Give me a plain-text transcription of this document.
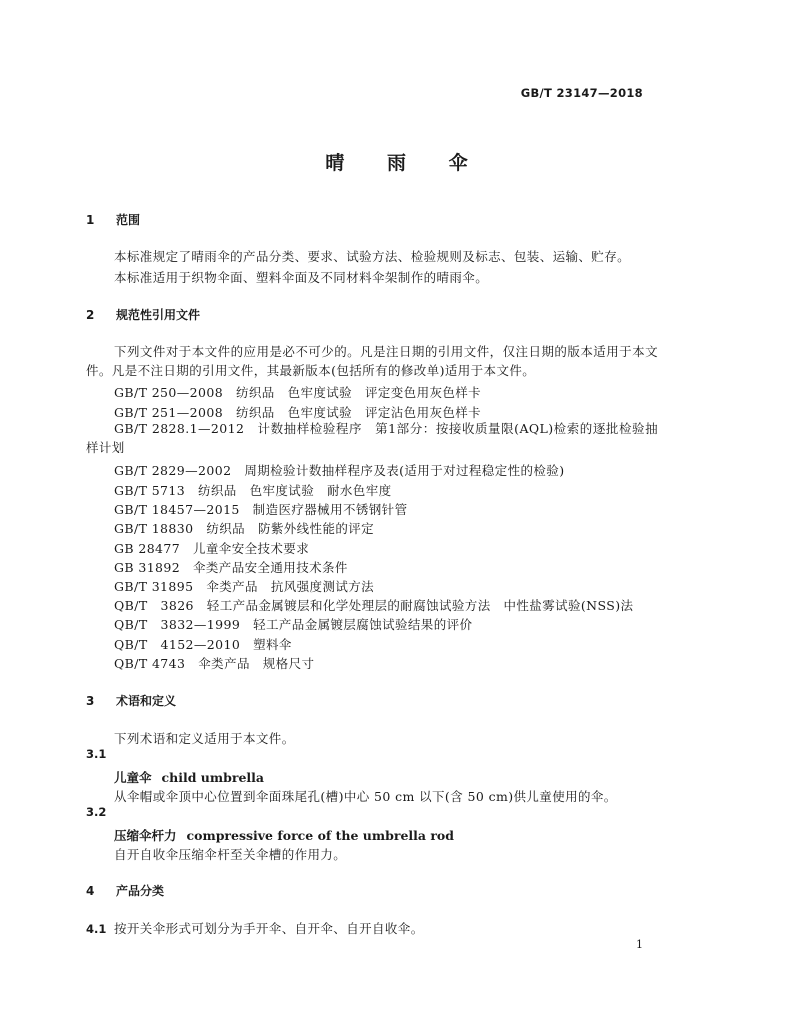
GB/T 23147—2018
晴 雨 伞
1 范围
本标准规定了晴雨伞的产品分类、要求、试验方法、检验规则及标志、包装、运输、贮存。
本标准适用于织物伞面、塑料伞面及不同材料伞架制作的晴雨伞。
2 规范性引用文件
下列文件对于本文件的应用是必不可少的。凡是注日期的引用文件，仅注日期的版本适用于本文件。凡是不注日期的引用文件，其最新版本(包括所有的修改单)适用于本文件。
GB/T 250—2008　纺织品　色牢度试验　评定变色用灰色样卡
GB/T 251—2008　纺织品　色牢度试验　评定沾色用灰色样卡
GB/T 2828.1—2012　计数抽样检验程序　第1部分：按接收质量限(AQL)检索的逐批检验抽样计划
GB/T 2829—2002　周期检验计数抽样程序及表(适用于对过程稳定性的检验)
GB/T 5713　纺织品　色牢度试验　耐水色牢度
GB/T 18457—2015　制造医疗器械用不锈钢针管
GB/T 18830　纺织品　防紫外线性能的评定
GB 28477　儿童伞安全技术要求
GB 31892　伞类产品安全通用技术条件
GB/T 31895　伞类产品　抗风强度测试方法
QB/T　3826　轻工产品金属镀层和化学处理层的耐腐蚀试验方法　中性盐雾试验(NSS)法
QB/T　3832—1999　轻工产品金属镀层腐蚀试验结果的评价
QB/T　4152—2010　塑料伞
QB/T 4743　伞类产品　规格尺寸
3 术语和定义
下列术语和定义适用于本文件。
3.1
儿童伞 child umbrella
从伞帽或伞顶中心位置到伞面珠尾孔(槽)中心 50 cm 以下(含 50 cm)供儿童使用的伞。
3.2
压缩伞杆力 compressive force of the umbrella rod
自开自收伞压缩伞杆至关伞槽的作用力。
4 产品分类
4.1 按开关伞形式可划分为手开伞、自开伞、自开自收伞。
1
